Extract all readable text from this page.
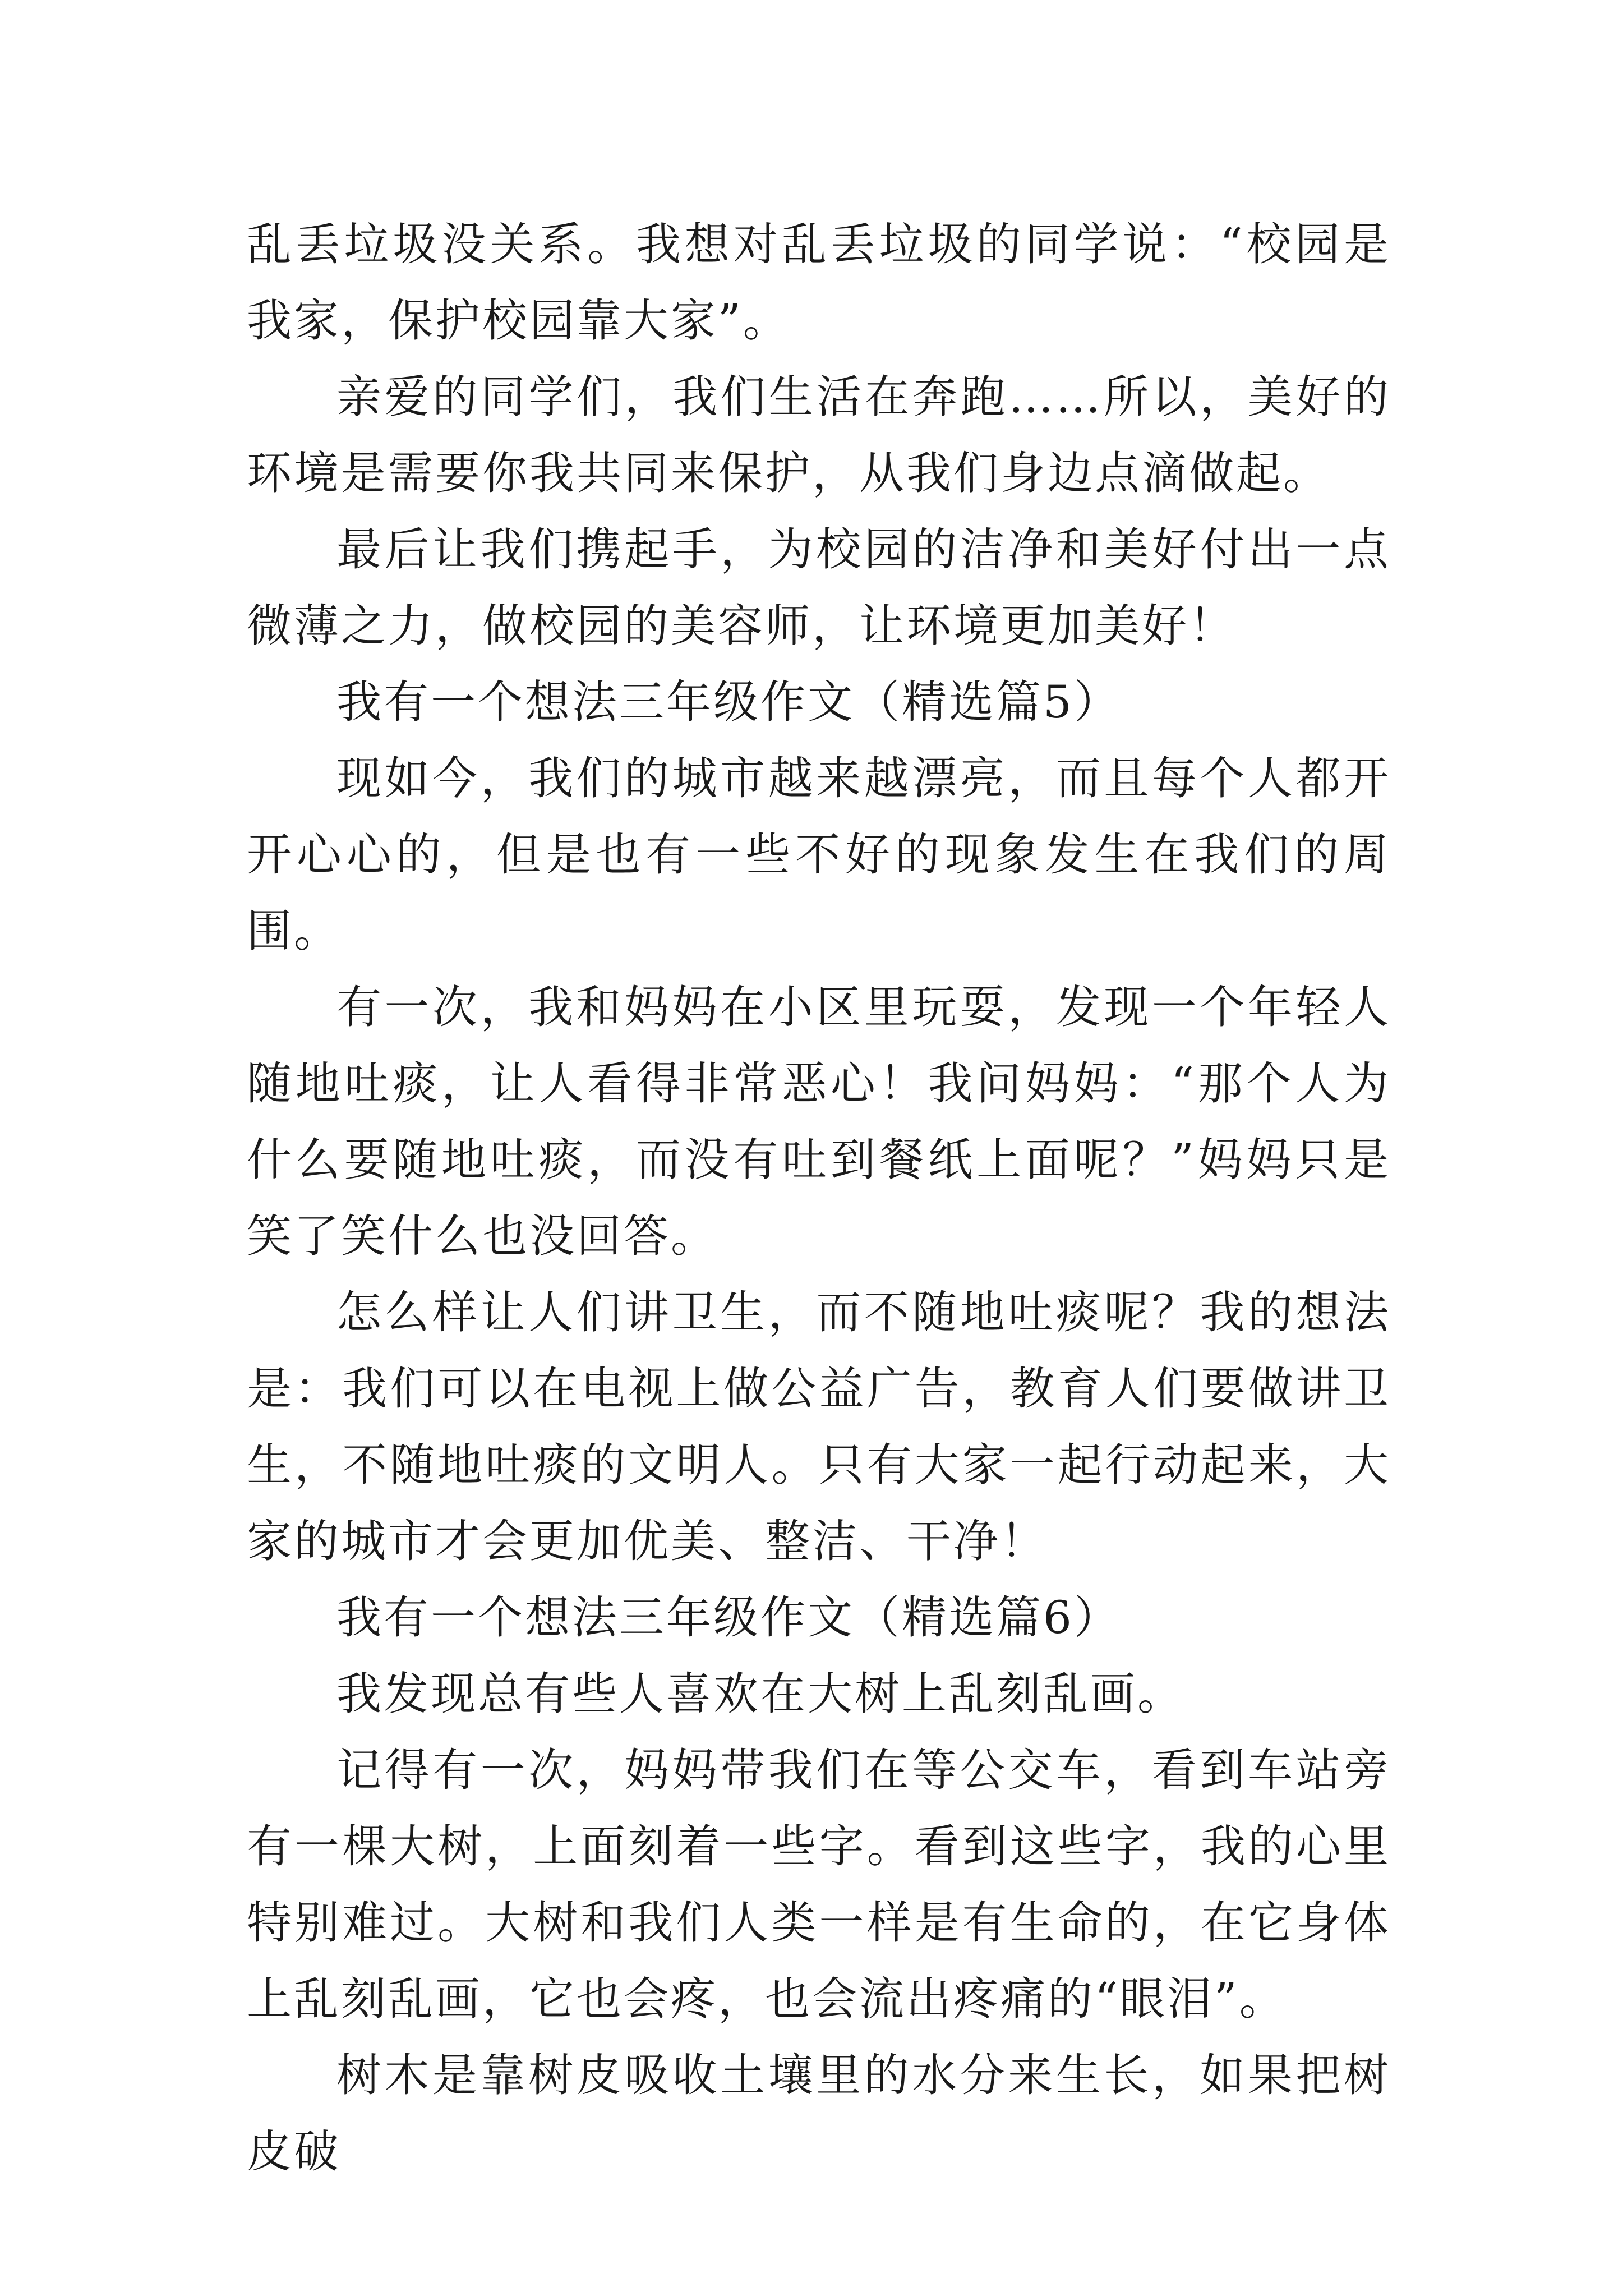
乱丢垃圾没关系。我想对乱丢垃圾的同学说：“校园是我家，保护校园靠大家”。

亲爱的同学们，我们生活在奔跑……所以，美好的环境是需要你我共同来保护，从我们身边点滴做起。

最后让我们携起手，为校园的洁净和美好付出一点微薄之力，做校园的美容师，让环境更加美好！

我有一个想法三年级作文（精选篇5）

现如今，我们的城市越来越漂亮，而且每个人都开开心心的，但是也有一些不好的现象发生在我们的周围。

有一次，我和妈妈在小区里玩耍，发现一个年轻人随地吐痰，让人看得非常恶心！我问妈妈：“那个人为什么要随地吐痰，而没有吐到餐纸上面呢？”妈妈只是笑了笑什么也没回答。

怎么样让人们讲卫生，而不随地吐痰呢？我的想法是：我们可以在电视上做公益广告，教育人们要做讲卫生，不随地吐痰的文明人。只有大家一起行动起来，大家的城市才会更加优美、整洁、干净！

我有一个想法三年级作文（精选篇6）

我发现总有些人喜欢在大树上乱刻乱画。

记得有一次，妈妈带我们在等公交车，看到车站旁有一棵大树，上面刻着一些字。看到这些字，我的心里特别难过。大树和我们人类一样是有生命的，在它身体上乱刻乱画，它也会疼，也会流出疼痛的“眼泪”。

树木是靠树皮吸收土壤里的水分来生长，如果把树皮破
